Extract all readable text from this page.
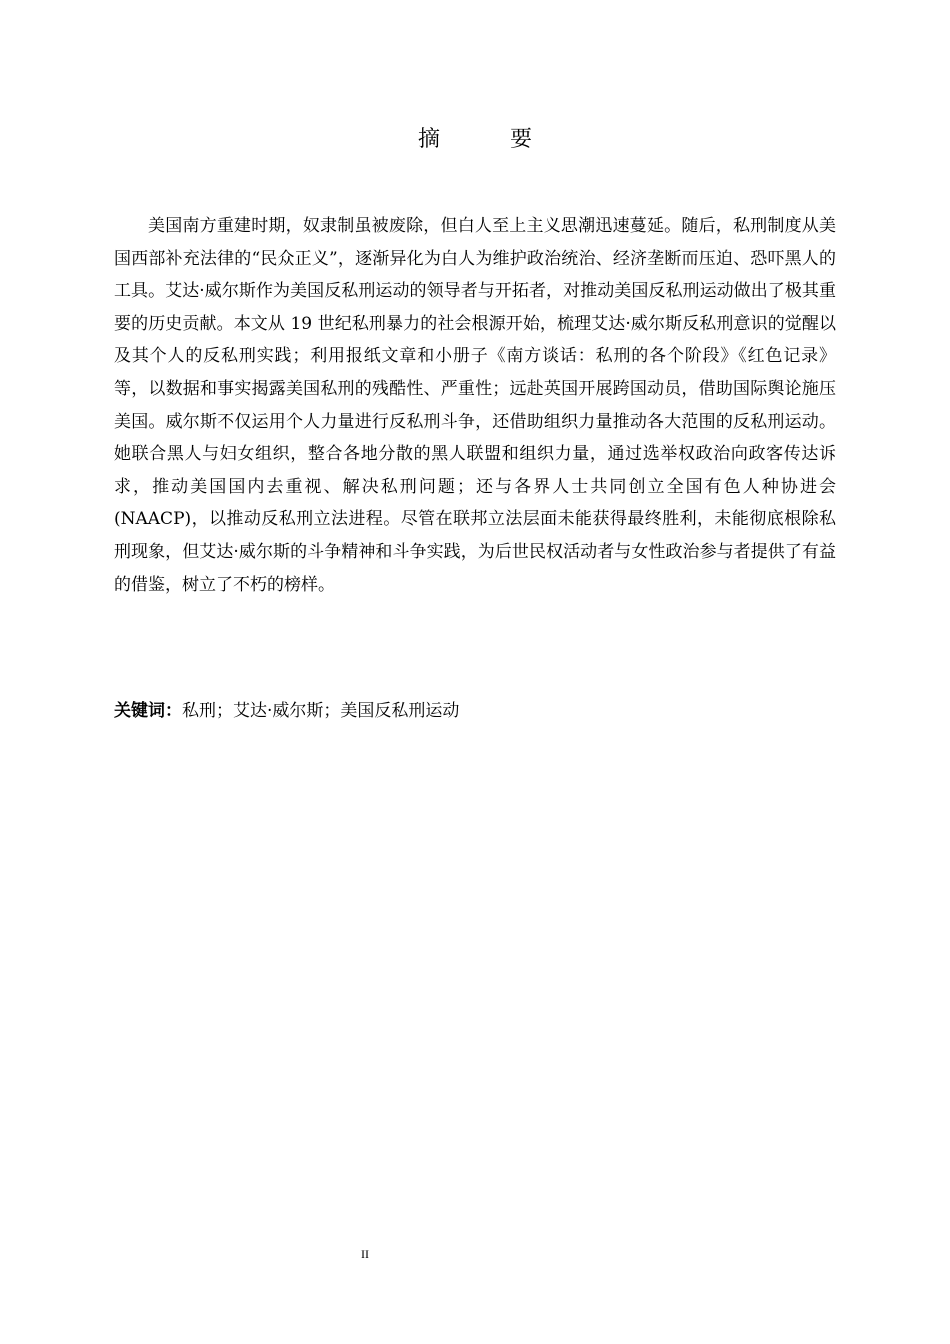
摘　要

美国南方重建时期，奴隶制虽被废除，但白人至上主义思潮迅速蔓延。随后，私刑制度从美国西部补充法律的“民众正义”，逐渐异化为白人为维护政治统治、经济垄断而压迫、恐吓黑人的工具。艾达·威尔斯作为美国反私刑运动的领导者与开拓者，对推动美国反私刑运动做出了极其重要的历史贡献。本文从 19 世纪私刑暴力的社会根源开始，梳理艾达·威尔斯反私刑意识的觉醒以及其个人的反私刑实践；利用报纸文章和小册子《南方谈话：私刑的各个阶段》《红色记录》等，以数据和事实揭露美国私刑的残酷性、严重性；远赴英国开展跨国动员，借助国际舆论施压美国。威尔斯不仅运用个人力量进行反私刑斗争，还借助组织力量推动各大范围的反私刑运动。她联合黑人与妇女组织，整合各地分散的黑人联盟和组织力量，通过选举权政治向政客传达诉求，推动美国国内去重视、解决私刑问题；还与各界人士共同创立全国有色人种协进会(NAACP)，以推动反私刑立法进程。尽管在联邦立法层面未能获得最终胜利，未能彻底根除私刑现象，但艾达·威尔斯的斗争精神和斗争实践，为后世民权活动者与女性政治参与者提供了有益的借鉴，树立了不朽的榜样。

关键词：私刑；艾达·威尔斯；美国反私刑运动

II
